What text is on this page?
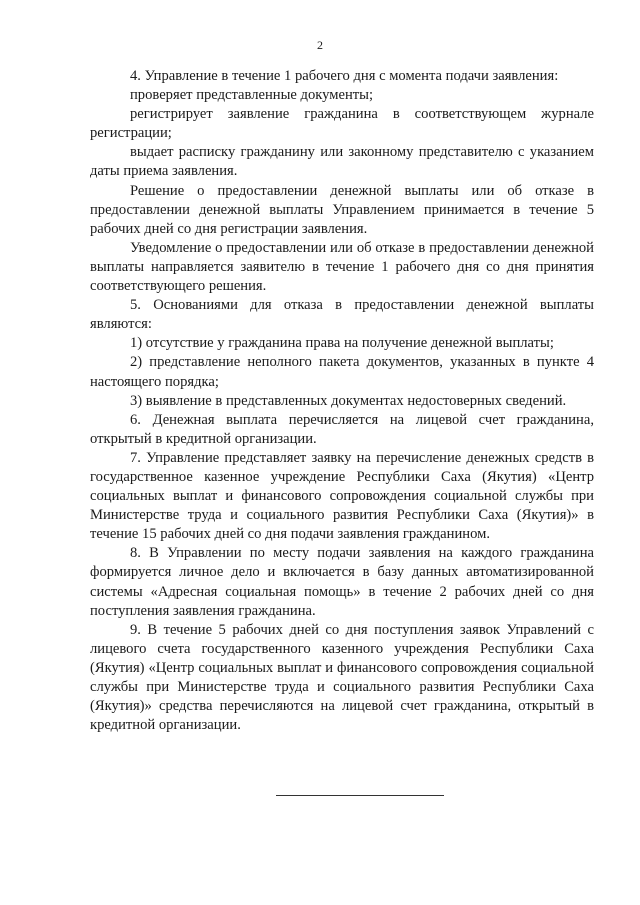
2

4. Управление в течение 1 рабочего дня с момента подачи заявления:

проверяет представленные документы;

регистрирует заявление гражданина в соответствующем журнале регистрации;

выдает расписку гражданину или законному представителю с указанием даты приема заявления.

Решение о предоставлении денежной выплаты или об отказе в предоставлении денежной выплаты Управлением принимается в течение 5 рабочих дней со дня регистрации заявления.

Уведомление о предоставлении или об отказе в предоставлении денежной выплаты направляется заявителю в течение 1 рабочего дня со дня принятия соответствующего решения.

5. Основаниями для отказа в предоставлении денежной выплаты являются:

1) отсутствие у гражданина права на получение денежной выплаты;

2) представление неполного пакета документов, указанных в пункте 4 настоящего порядка;

3) выявление в представленных документах недостоверных сведений.

6. Денежная выплата перечисляется на лицевой счет гражданина, открытый в кредитной организации.

7. Управление представляет заявку на перечисление денежных средств в государственное казенное учреждение Республики Саха (Якутия) «Центр социальных выплат и финансового сопровождения социальной службы при Министерстве труда и социального развития Республики Саха (Якутия)» в течение 15 рабочих дней со дня подачи заявления гражданином.

8. В Управлении по месту подачи заявления на каждого гражданина формируется личное дело и включается в базу данных автоматизированной системы «Адресная социальная помощь» в течение 2 рабочих дней со дня поступления заявления гражданина.

9. В течение 5 рабочих дней со дня поступления заявок Управлений с лицевого счета государственного казенного учреждения Республики Саха (Якутия) «Центр социальных выплат и финансового сопровождения социальной службы при Министерстве труда и социального развития Республики Саха (Якутия)» средства перечисляются на лицевой счет гражданина, открытый в кредитной организации.
